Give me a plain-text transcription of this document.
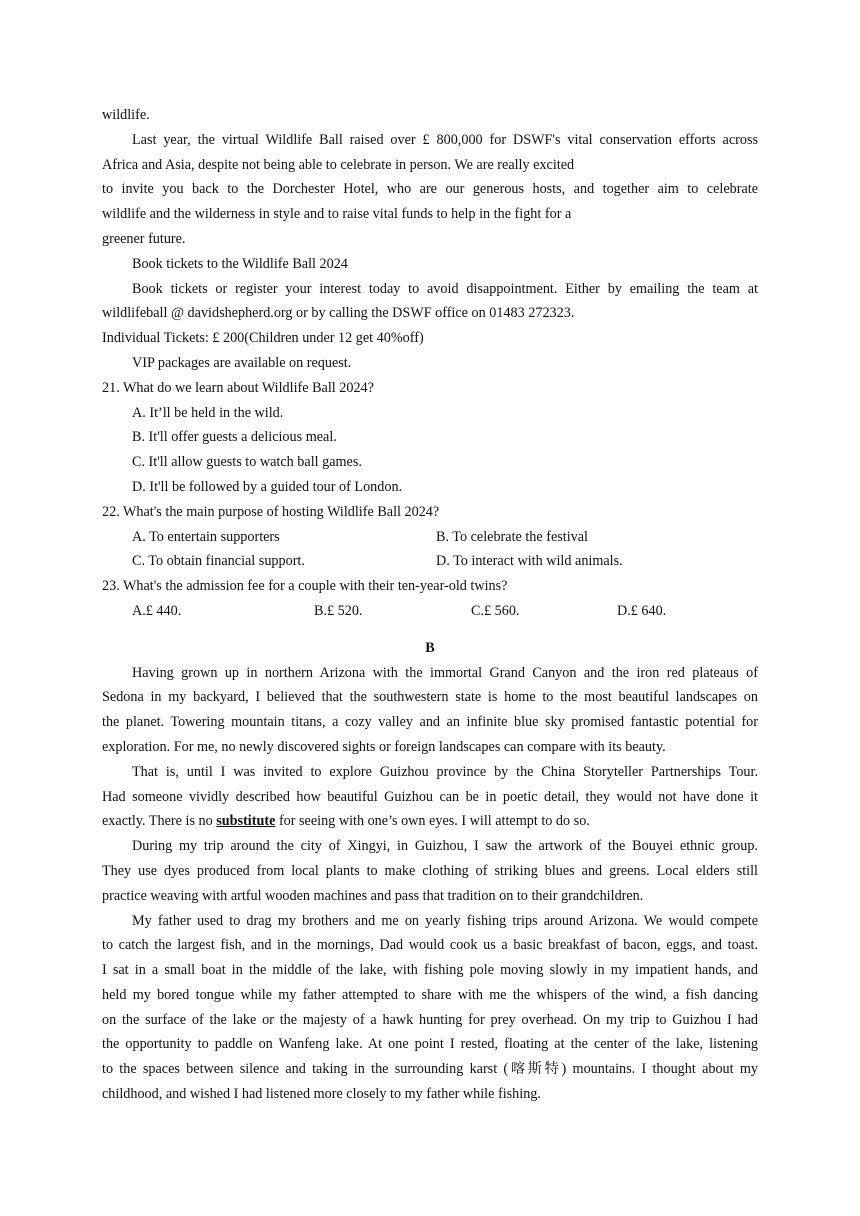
wildlife.
Last year, the virtual Wildlife Ball raised over £ 800,000 for DSWF's vital conservation efforts across
Africa and Asia, despite not being able to celebrate in person. We are really excited
to invite you back to the Dorchester Hotel, who are our generous hosts, and together aim to celebrate
wildlife and the wilderness in style and to raise vital funds to help in the fight for a
greener future.
Book tickets to the Wildlife Ball 2024
Book tickets or register your interest today to avoid disappointment. Either by emailing the team at
wildlifeball @ davidshepherd.org or by calling the DSWF office on 01483 272323.
Individual Tickets: £ 200(Children under 12 get 40%off)
VIP packages are available on request.
21. What do we learn about Wildlife Ball 2024?
A. It’ll be held in the wild.
B. It'll offer guests a delicious meal.
C. It'll allow guests to watch ball games.
D. It'll be followed by a guided tour of London.
22. What's the main purpose of hosting Wildlife Ball 2024?
A. To entertain supporters	B. To celebrate the festival
C. To obtain financial support.	D. To interact with wild animals.
23. What's the admission fee for a couple with their ten-year-old twins?
A.£ 440.	B.£ 520.	C.£ 560.	D.£ 640.
B
Having grown up in northern Arizona with the immortal Grand Canyon and the iron red plateaus of
Sedona in my backyard, I believed that the southwestern state is home to the most beautiful landscapes on
the planet. Towering mountain titans, a cozy valley and an infinite blue sky promised fantastic potential for
exploration. For me, no newly discovered sights or foreign landscapes can compare with its beauty.
That is, until I was invited to explore Guizhou province by the China Storyteller Partnerships Tour.
Had someone vividly described how beautiful Guizhou can be in poetic detail, they would not have done it
exactly. There is no substitute for seeing with one’s own eyes. I will attempt to do so.
During my trip around the city of Xingyi, in Guizhou, I saw the artwork of the Bouyei ethnic group.
They use dyes produced from local plants to make clothing of striking blues and greens. Local elders still
practice weaving with artful wooden machines and pass that tradition on to their grandchildren.
My father used to drag my brothers and me on yearly fishing trips around Arizona. We would compete
to catch the largest fish, and in the mornings, Dad would cook us a basic breakfast of bacon, eggs, and toast.
I sat in a small boat in the middle of the lake, with fishing pole moving slowly in my impatient hands, and
held my bored tongue while my father attempted to share with me the whispers of the wind, a fish dancing
on the surface of the lake or the majesty of a hawk hunting for prey overhead. On my trip to Guizhou I had
the opportunity to paddle on Wanfeng lake. At one point I rested, floating at the center of the lake, listening
to the spaces between silence and taking in the surrounding karst (喀斯特) mountains. I thought about my
childhood, and wished I had listened more closely to my father while fishing.
